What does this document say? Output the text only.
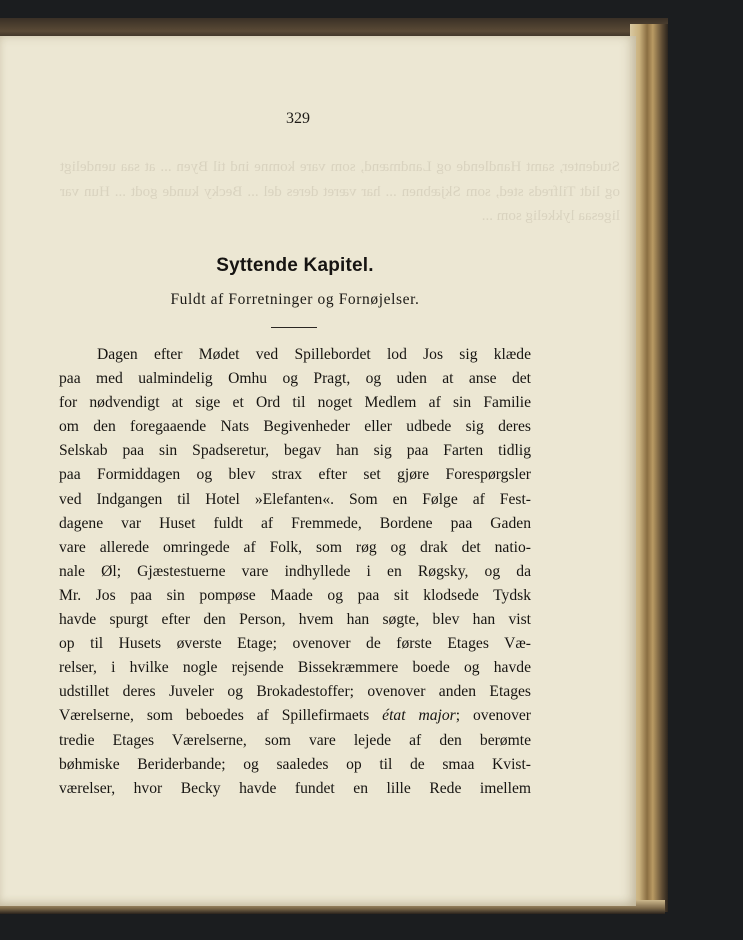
329
Studenter, samt Handlende og Landmænd, som vare komne ind til Byen ... at saa uendeligt og lidt Tilfreds sted, som Skjæbnen ... har været deres del ... Becky kunde godt ... Hun var ligesaa lykkelig som ...
Syttende Kapitel.
Fuldt af Forretninger og Fornøjelser.
Dagen efter Mødet ved Spillebordet lod Jos sig klæde
paa med ualmindelig Omhu og Pragt, og uden at anse det
for nødvendigt at sige et Ord til noget Medlem af sin Familie
om den foregaaende Nats Begivenheder eller udbede sig deres
Selskab paa sin Spadseretur, begav han sig paa Farten tidlig
paa Formiddagen og blev strax efter set gjøre Forespørgsler
ved Indgangen til Hotel »Elefanten«. Som en Følge af Fest-
dagene var Huset fuldt af Fremmede, Bordene paa Gaden
vare allerede omringede af Folk, som røg og drak det natio-
nale Øl; Gjæstestuerne vare indhyllede i en Røgsky, og da
Mr. Jos paa sin pompøse Maade og paa sit klodsede Tydsk
havde spurgt efter den Person, hvem han søgte, blev han vist
op til Husets øverste Etage; ovenover de første Etages Væ-
relser, i hvilke nogle rejsende Bissekræmmere boede og havde
udstillet deres Juveler og Brokadestoffer; ovenover anden Etages
Værelserne, som beboedes af Spillefirmaets état major; ovenover
tredie Etages Værelserne, som vare lejede af den berømte
bøhmiske Beriderbande; og saaledes op til de smaa Kvist-
værelser, hvor Becky havde fundet en lille Rede imellem
